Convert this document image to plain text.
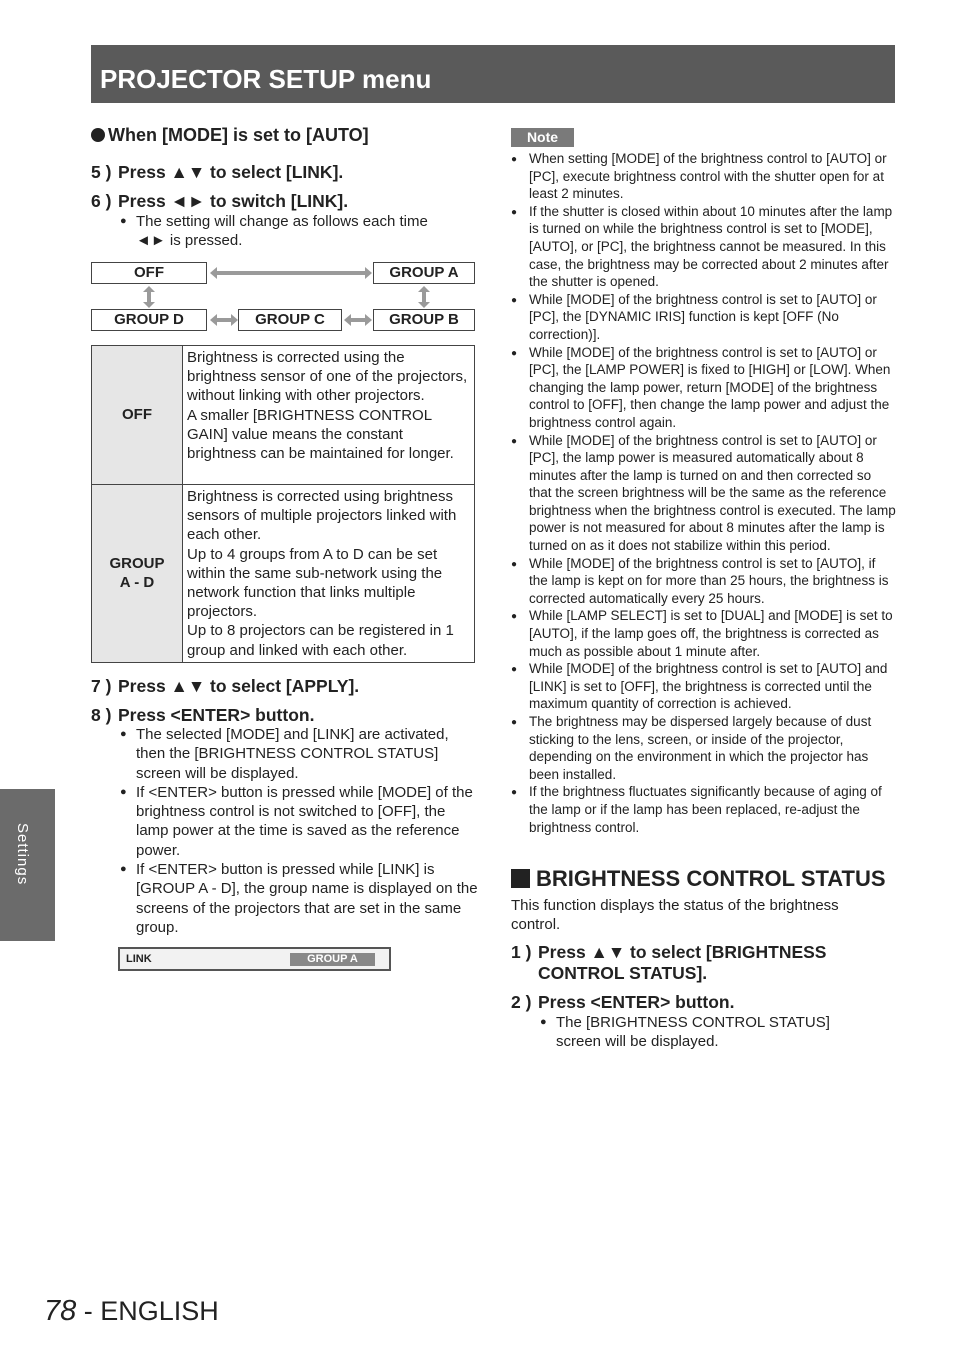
PROJECTOR SETUP menu
Settings
When [MODE] is set to [AUTO]
5 ) Press ▲▼ to select [LINK].
6 ) Press ◄► to switch [LINK].
● The setting will change as follows each time
◄► is pressed.
OFF	GROUP A
GROUP D	GROUP C	GROUP B
OFF	Brightness is corrected using the brightness sensor of one of the projectors, without linking with other projectors.
A smaller [BRIGHTNESS CONTROL GAIN] value means the constant brightness can be maintained for longer.
GROUP
A - D	Brightness is corrected using brightness sensors of multiple projectors linked with each other.
Up to 4 groups from A to D can be set within the same sub-network using the network function that links multiple projectors.
Up to 8 projectors can be registered in 1 group and linked with each other.
7 ) Press ▲▼ to select [APPLY].
8 ) Press <ENTER> button.
● The selected [MODE] and [LINK] are activated, then the [BRIGHTNESS CONTROL STATUS] screen will be displayed.
● If <ENTER> button is pressed while [MODE] of the brightness control is not switched to [OFF], the lamp power at the time is saved as the reference power.
● If <ENTER> button is pressed while [LINK] is [GROUP A - D], the group name is displayed on the screens of the projectors that are set in the same group.
LINK	GROUP A
Note
● When setting [MODE] of the brightness control to [AUTO] or [PC], execute brightness control with the shutter open for at least 2 minutes.
● If the shutter is closed within about 10 minutes after the lamp is turned on while the brightness control is set to [MODE], [AUTO], or [PC], the brightness cannot be measured. In this case, the brightness may be corrected about 2 minutes after the shutter is opened.
● While [MODE] of the brightness control is set to [AUTO] or [PC], the [DYNAMIC IRIS] function is kept [OFF (No correction)].
● While [MODE] of the brightness control is set to [AUTO] or [PC], the [LAMP POWER] is fixed to [HIGH] or [LOW]. When changing the lamp power, return [MODE] of the brightness control to [OFF], then change the lamp power and adjust the brightness control again.
● While [MODE] of the brightness control is set to [AUTO] or [PC], the lamp power is measured automatically about 8 minutes after the lamp is turned on and then corrected so that the screen brightness will be the same as the reference brightness when the brightness control is executed. The lamp power is not measured for about 8 minutes after the lamp is turned on as it does not stabilize within this period.
● While [MODE] of the brightness control is set to [AUTO], if the lamp is kept on for more than 25 hours, the brightness is corrected automatically every 25 hours.
● While [LAMP SELECT] is set to [DUAL] and [MODE] is set to [AUTO], if the lamp goes off, the brightness is corrected as much as possible about 1 minute after.
● While [MODE] of the brightness control is set to [AUTO] and [LINK] is set to [OFF], the brightness is corrected until the maximum quantity of correction is achieved.
● The brightness may be dispersed largely because of dust sticking to the lens, screen, or inside of the projector, depending on the environment in which the projector has been installed.
● If the brightness fluctuates significantly because of aging of the lamp or if the lamp has been replaced, re-adjust the brightness control.
BRIGHTNESS CONTROL STATUS
This function displays the status of the brightness control.
1 ) Press ▲▼ to select [BRIGHTNESS
CONTROL STATUS].
2 ) Press <ENTER> button.
● The [BRIGHTNESS CONTROL STATUS] screen will be displayed.
78 - ENGLISH
